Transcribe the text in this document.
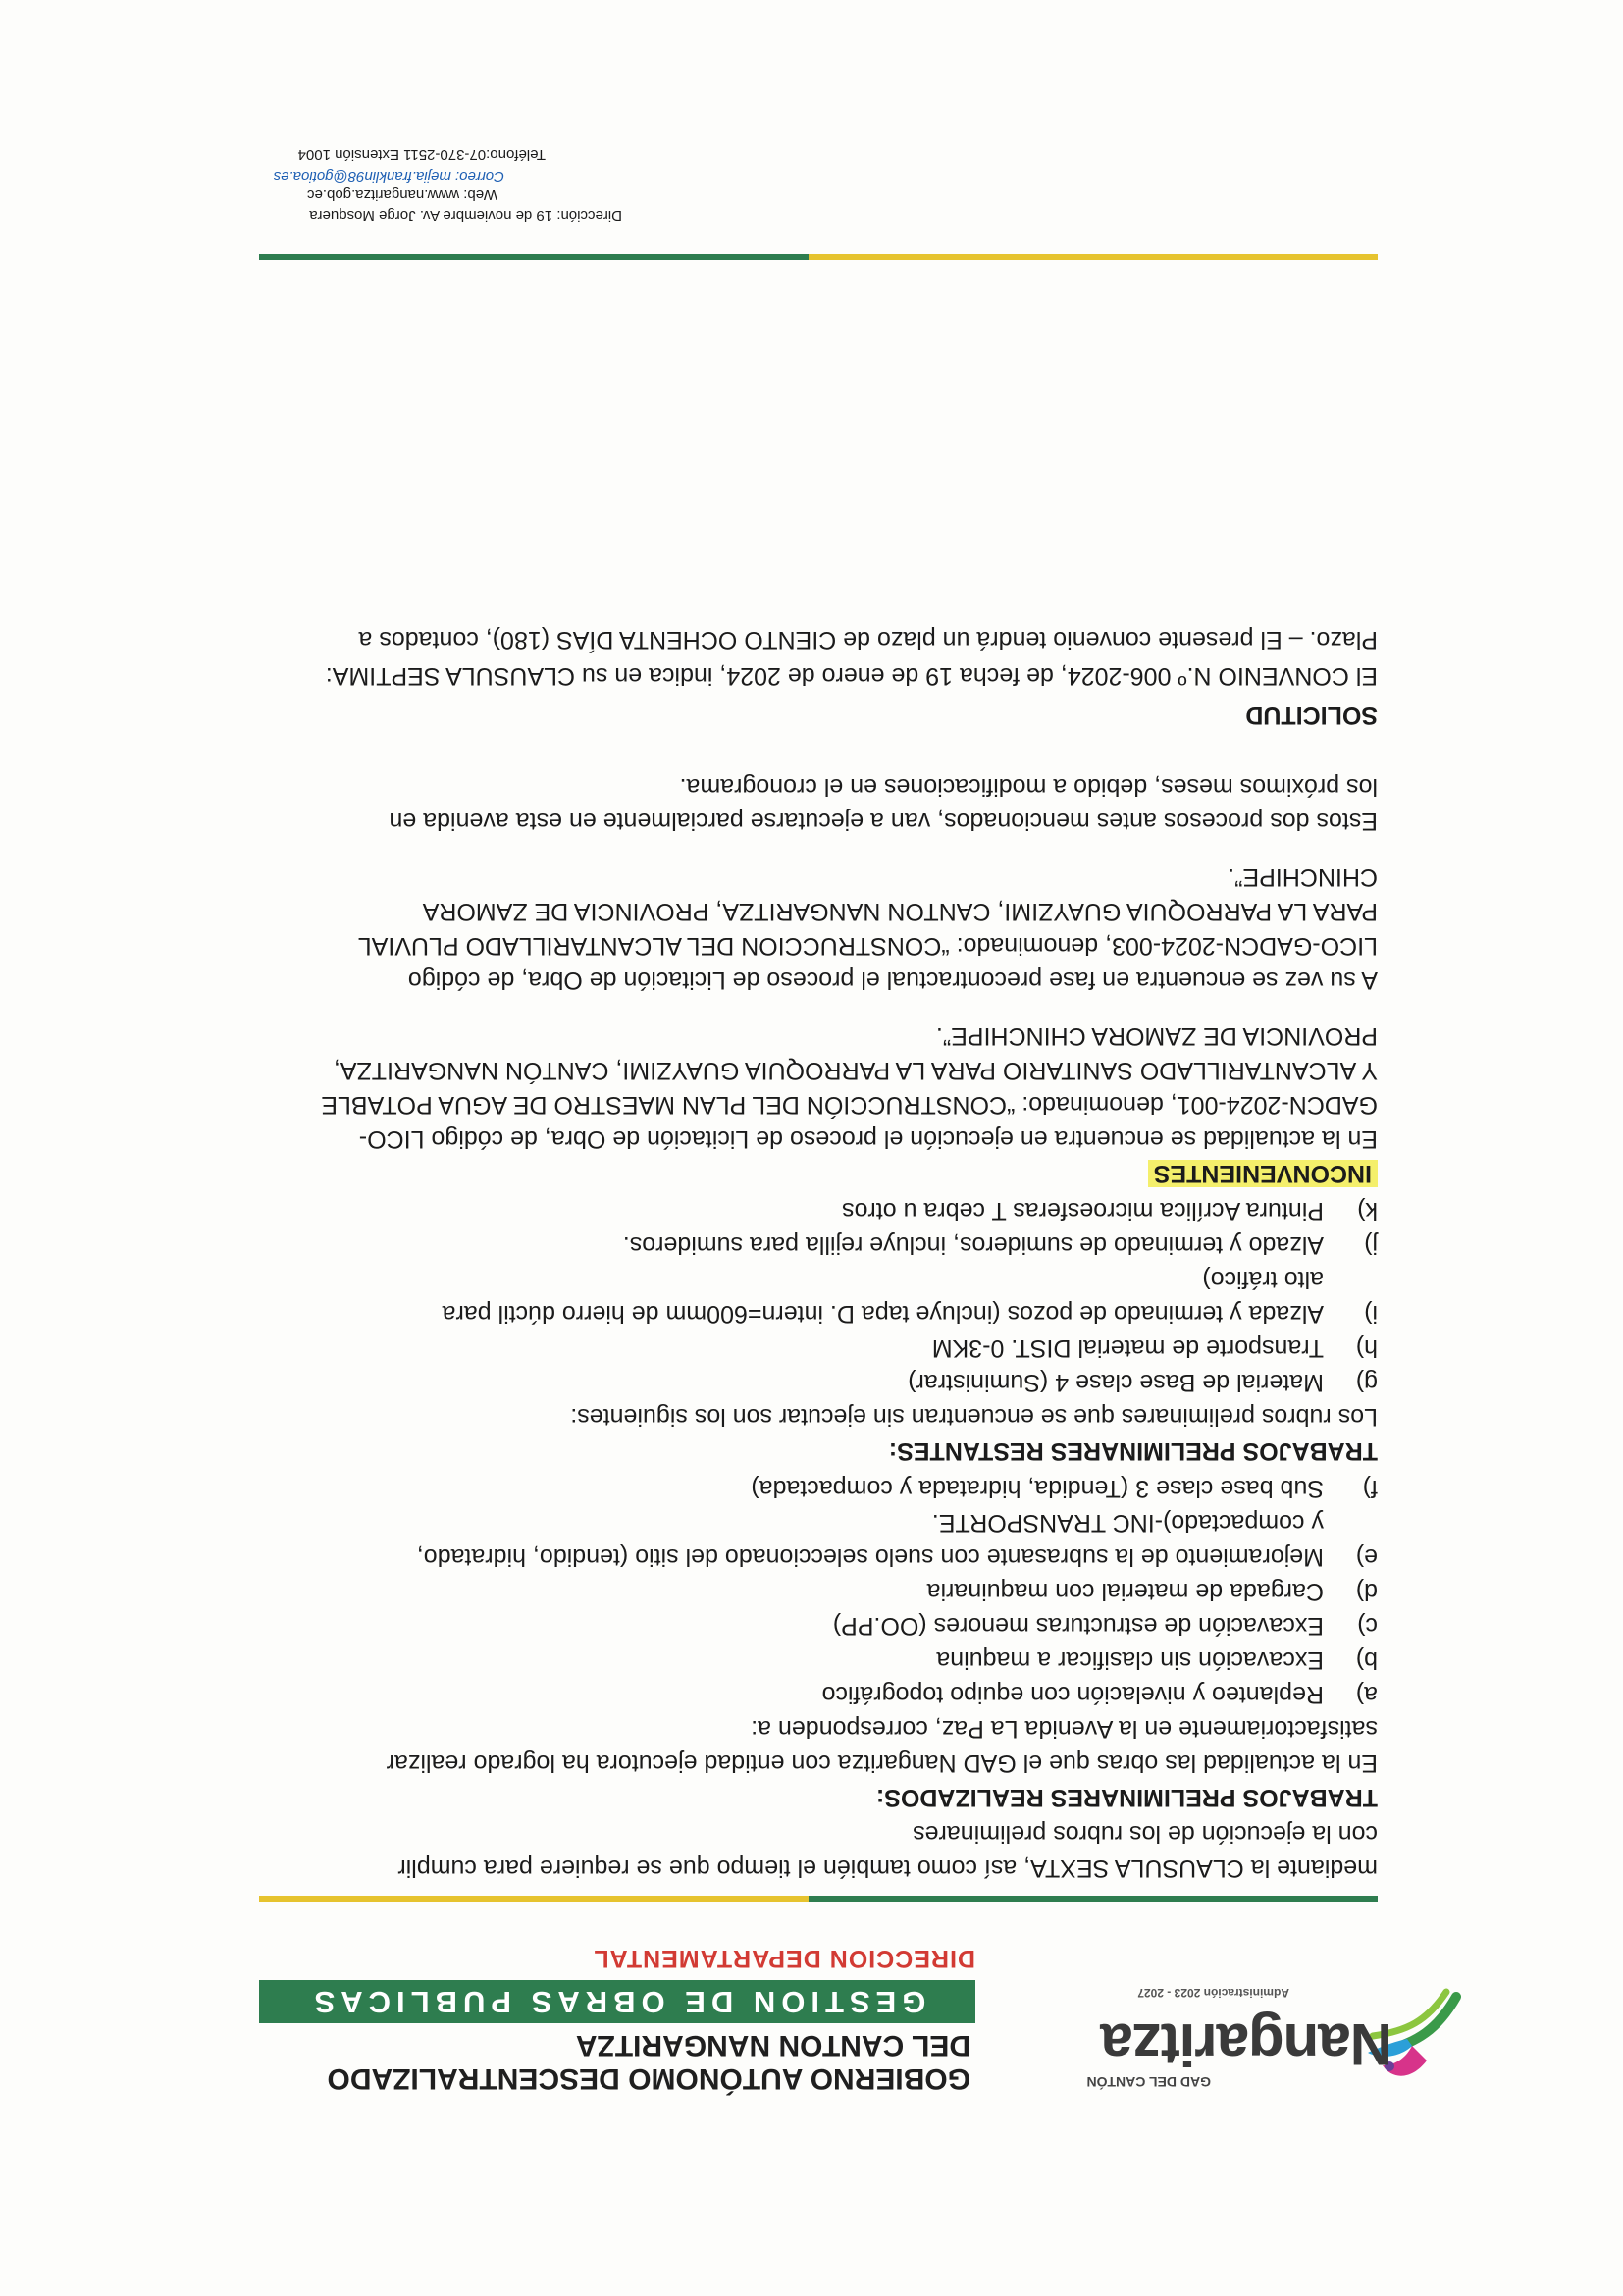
Nangaritza
GAD DEL CANTÓN
Administración 2023 - 2027
GOBIERNO AUTÓNOMO DESCENTRALIZADO
DEL CANTON NANGARITZA
GESTION DE OBRAS PUBLICAS
DIRECCION DEPARTAMENTAL
mediante la CLAUSULA SEXTA, así como también el tiempo que se requiere para cumplir
con la ejecución de los rubros preliminares
TRABAJOS PRELIMINARES REALIZADOS:
En la actualidad las obras que el GAD Nangaritza con entidad ejecutora ha logrado realizar
satisfactoriamente en la Avenida La Paz, corresponden a:
a)
Replanteo y nivelación con equipo topográfico
b)
Excavación sin clasificar a maquina
c)
Excavación de estructuras menores (OO.PP)
d)
Cargada de material con maquinaria
e)
Mejoramiento de la subrasante con suelo seleccionado del sitio (tendido, hidratado,
y compactado)-INC TRANSPORTE.
f)
Sub base clase 3 (Tendida, hidratada y compactada)
TRABAJOS PRELIMINARES RESTANTES:
Los rubros preliminares que se encuentran sin ejecutar son los siguientes:
g)
Material de Base clase 4 (Suministrar)
h)
Transporte de material DIST. 0-3KM
i)
Alzada y terminado de pozos (incluye tapa D. intern=600mm de hierro dúctil para
alto tráfico)
j)
Alzado y terminado de sumideros, incluye rejilla para sumideros.
k)
Pintura Acrílica microesferas T cebra u otros
INCONVENIENTES
En la actualidad se encuentra en ejecución el proceso de Licitación de Obra, de código LICO-
GADCN-2024-001, denominado: “CONSTRUCCIÓN DEL PLAN MAESTRO DE AGUA POTABLE
Y ALCANTARILLADO SANITARIO PARA LA PARROQUIA GUAYZIMI, CANTÓN NANGARITZA,
PROVINCIA DE ZAMORA CHINCHIPE”.
A su vez se encuentra en fase precontractual el proceso de Licitación de Obra, de código
LICO-GADCN-2024-003, denominado: “CONSTRUCCION DEL ALCANTARILLADO PLUVIAL
PARA LA PARROQUIA GUAYZIMI, CANTON NANGARITZA, PROVINCIA DE ZAMORA
CHINCHIPE”.
Estos dos procesos antes mencionados, van a ejecutarse parcialmente en esta avenida en
los próximos meses, debido a modificaciones en el cronograma.
SOLICITUD
El CONVENIO N.º 006-2024, de fecha 19 de enero de 2024, indica en su CLAUSULA SEPTIMA:
Plazo. – El presente convenio tendrá un plazo de CIENTO OCHENTA DÍAS (180), contados a
Dirección: 19 de noviembre Av. Jorge Mosquera
Web: www.nangaritza.gob.ec
Correo: mejia.franklin98@gotioa.es
Teléfono:07-370-2511 Extensión 1004
